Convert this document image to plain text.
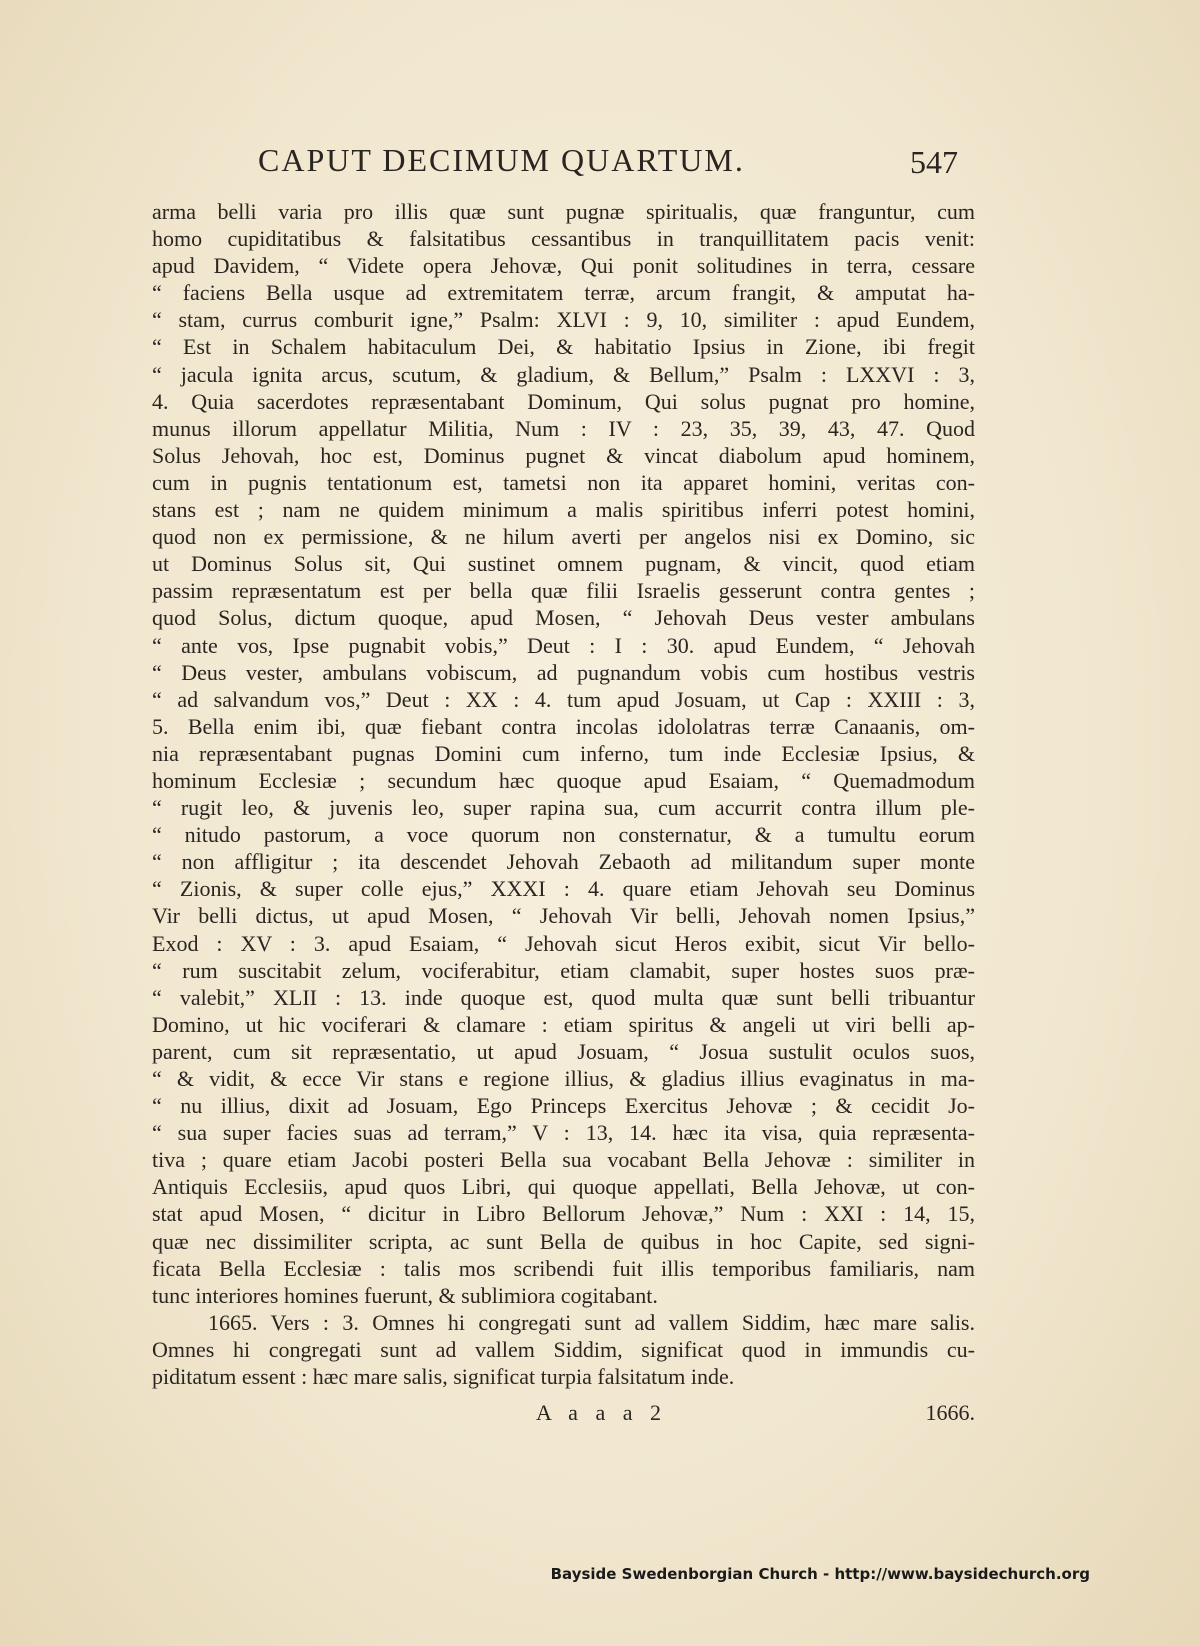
CAPUT DECIMUM QUARTUM.	547
arma belli varia pro illis quæ sunt pugnæ spiritualis, quæ franguntur, cum
homo cupiditatibus & falsitatibus cessantibus in tranquillitatem pacis venit:
apud Davidem, “ Videte opera Jehovæ, Qui ponit solitudines in terra, cessare
“ faciens Bella usque ad extremitatem terræ, arcum frangit, & amputat ha-
“ stam, currus comburit igne,” Psalm: XLVI : 9, 10, similiter : apud Eundem,
“ Est in Schalem habitaculum Dei, & habitatio Ipsius in Zione, ibi fregit
“ jacula ignita arcus, scutum, & gladium, & Bellum,” Psalm : LXXVI : 3,
4. Quia sacerdotes repræsentabant Dominum, Qui solus pugnat pro homine,
munus illorum appellatur Militia, Num : IV : 23, 35, 39, 43, 47. Quod
Solus Jehovah, hoc est, Dominus pugnet & vincat diabolum apud hominem,
cum in pugnis tentationum est, tametsi non ita apparet homini, veritas con-
stans est ; nam ne quidem minimum a malis spiritibus inferri potest homini,
quod non ex permissione, & ne hilum averti per angelos nisi ex Domino, sic
ut Dominus Solus sit, Qui sustinet omnem pugnam, & vincit, quod etiam
passim repræsentatum est per bella quæ filii Israelis gesserunt contra gentes ;
quod Solus, dictum quoque, apud Mosen, “ Jehovah Deus vester ambulans
“ ante vos, Ipse pugnabit vobis,” Deut : I : 30. apud Eundem, “ Jehovah
“ Deus vester, ambulans vobiscum, ad pugnandum vobis cum hostibus vestris
“ ad salvandum vos,” Deut : XX : 4. tum apud Josuam, ut Cap : XXIII : 3,
5. Bella enim ibi, quæ fiebant contra incolas idololatras terræ Canaanis, om-
nia repræsentabant pugnas Domini cum inferno, tum inde Ecclesiæ Ipsius, &
hominum Ecclesiæ ; secundum hæc quoque apud Esaiam, “ Quemadmodum
“ rugit leo, & juvenis leo, super rapina sua, cum accurrit contra illum ple-
“ nitudo pastorum, a voce quorum non consternatur, & a tumultu eorum
“ non affligitur ; ita descendet Jehovah Zebaoth ad militandum super monte
“ Zionis, & super colle ejus,” XXXI : 4. quare etiam Jehovah seu Dominus
Vir belli dictus, ut apud Mosen, “ Jehovah Vir belli, Jehovah nomen Ipsius,”
Exod : XV : 3. apud Esaiam, “ Jehovah sicut Heros exibit, sicut Vir bello-
“ rum suscitabit zelum, vociferabitur, etiam clamabit, super hostes suos præ-
“ valebit,” XLII : 13. inde quoque est, quod multa quæ sunt belli tribuantur
Domino, ut hic vociferari & clamare : etiam spiritus & angeli ut viri belli ap-
parent, cum sit repræsentatio, ut apud Josuam, “ Josua sustulit oculos suos,
“ & vidit, & ecce Vir stans e regione illius, & gladius illius evaginatus in ma-
“ nu illius, dixit ad Josuam, Ego Princeps Exercitus Jehovæ ; & cecidit Jo-
“ sua super facies suas ad terram,” V : 13, 14. hæc ita visa, quia repræsenta-
tiva ; quare etiam Jacobi posteri Bella sua vocabant Bella Jehovæ : similiter in
Antiquis Ecclesiis, apud quos Libri, qui quoque appellati, Bella Jehovæ, ut con-
stat apud Mosen, “ dicitur in Libro Bellorum Jehovæ,” Num : XXI : 14, 15,
quæ nec dissimiliter scripta, ac sunt Bella de quibus in hoc Capite, sed signi-
ficata Bella Ecclesiæ : talis mos scribendi fuit illis temporibus familiaris, nam
tunc interiores homines fuerunt, & sublimiora cogitabant.
1665. Vers : 3. Omnes hi congregati sunt ad vallem Siddim, hæc mare salis.
Omnes hi congregati sunt ad vallem Siddim, significat quod in immundis cu-
piditatum essent : hæc mare salis, significat turpia falsitatum inde.
A a a a 2	1666.
Bayside Swedenborgian Church - http://www.baysidechurch.org
